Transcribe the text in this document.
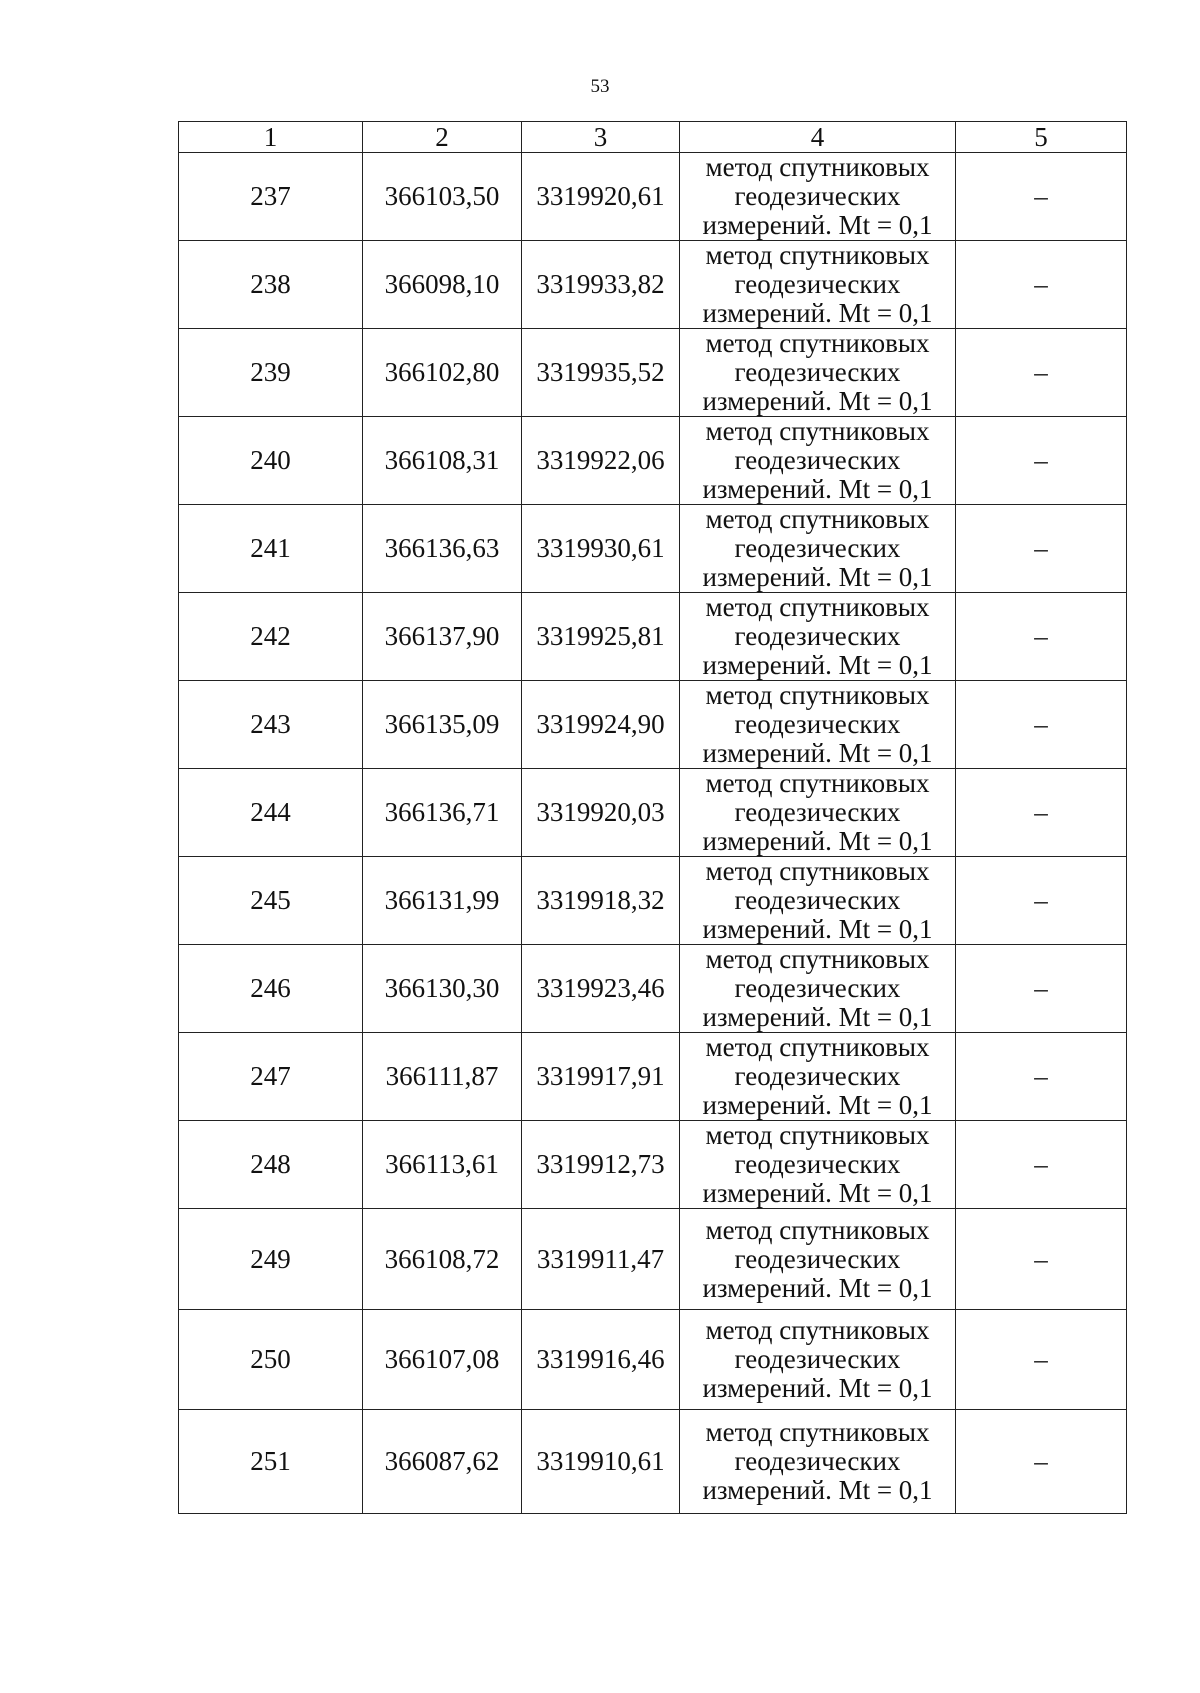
53
1	2	3	4	5
237	366103,50	3319920,61	метод спутниковых
геодезических
измерений. Mt = 0,1	–
238	366098,10	3319933,82	метод спутниковых
геодезических
измерений. Mt = 0,1	–
239	366102,80	3319935,52	метод спутниковых
геодезических
измерений. Mt = 0,1	–
240	366108,31	3319922,06	метод спутниковых
геодезических
измерений. Mt = 0,1	–
241	366136,63	3319930,61	метод спутниковых
геодезических
измерений. Mt = 0,1	–
242	366137,90	3319925,81	метод спутниковых
геодезических
измерений. Mt = 0,1	–
243	366135,09	3319924,90	метод спутниковых
геодезических
измерений. Mt = 0,1	–
244	366136,71	3319920,03	метод спутниковых
геодезических
измерений. Mt = 0,1	–
245	366131,99	3319918,32	метод спутниковых
геодезических
измерений. Mt = 0,1	–
246	366130,30	3319923,46	метод спутниковых
геодезических
измерений. Mt = 0,1	–
247	366111,87	3319917,91	метод спутниковых
геодезических
измерений. Mt = 0,1	–
248	366113,61	3319912,73	метод спутниковых
геодезических
измерений. Mt = 0,1	–
249	366108,72	3319911,47	метод спутниковых
геодезических
измерений. Mt = 0,1	–
250	366107,08	3319916,46	метод спутниковых
геодезических
измерений. Mt = 0,1	–
251	366087,62	3319910,61	метод спутниковых
геодезических
измерений. Mt = 0,1	–
